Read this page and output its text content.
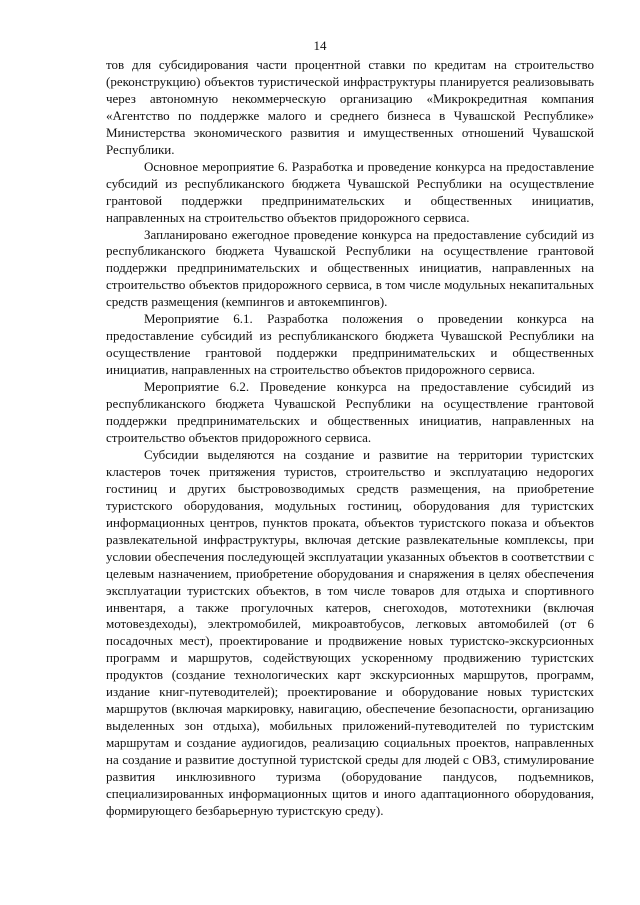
14

тов для субсидирования части процентной ставки по кредитам на строительство (реконструкцию) объектов туристической инфраструктуры планируется реализовывать через автономную некоммерческую организацию «Микрокредитная компания «Агентство по поддержке малого и среднего бизнеса в Чувашской Республике» Министерства экономического развития и имущественных отношений Чувашской Республики.

Основное мероприятие 6. Разработка и проведение конкурса на предоставление субсидий из республиканского бюджета Чувашской Республики на осуществление грантовой поддержки предпринимательских и общественных инициатив, направленных на строительство объектов придорожного сервиса.

Запланировано ежегодное проведение конкурса на предоставление субсидий из республиканского бюджета Чувашской Республики на осуществление грантовой поддержки предпринимательских и общественных инициатив, направленных на строительство объектов придорожного сервиса, в том числе модульных некапитальных средств размещения (кемпингов и автокемпингов).

Мероприятие 6.1. Разработка положения о проведении конкурса на предоставление субсидий из республиканского бюджета Чувашской Республики на осуществление грантовой поддержки предпринимательских и общественных инициатив, направленных на строительство объектов придорожного сервиса.

Мероприятие 6.2. Проведение конкурса на предоставление субсидий из республиканского бюджета Чувашской Республики на осуществление грантовой поддержки предпринимательских и общественных инициатив, направленных на строительство объектов придорожного сервиса.

Субсидии выделяются на создание и развитие на территории туристских кластеров точек притяжения туристов, строительство и эксплуатацию недорогих гостиниц и других быстровозводимых средств размещения, на приобретение туристского оборудования, модульных гостиниц, оборудования для туристских информационных центров, пунктов проката, объектов туристского показа и объектов развлекательной инфраструктуры, включая детские развлекательные комплексы, при условии обеспечения последующей эксплуатации указанных объектов в соответствии с целевым назначением, приобретение оборудования и снаряжения в целях обеспечения эксплуатации туристских объектов, в том числе товаров для отдыха и спортивного инвентаря, а также прогулочных катеров, снегоходов, мототехники (включая мотовездеходы), электромобилей, микроавтобусов, легковых автомобилей (от 6 посадочных мест), проектирование и продвижение новых туристско-экскурсионных программ и маршрутов, содействующих ускоренному продвижению туристских продуктов (создание технологических карт экскурсионных маршрутов, программ, издание книг-путеводителей); проектирование и оборудование новых туристских маршрутов (включая маркировку, навигацию, обеспечение безопасности, организацию выделенных зон отдыха), мобильных приложений-путеводителей по туристским маршрутам и создание аудиогидов, реализацию социальных проектов, направленных на создание и развитие доступной туристской среды для людей с ОВЗ, стимулирование развития инклюзивного туризма (оборудование пандусов, подъемников, специализированных информационных щитов и иного адаптационного оборудования, формирующего безбарьерную туристскую среду).
